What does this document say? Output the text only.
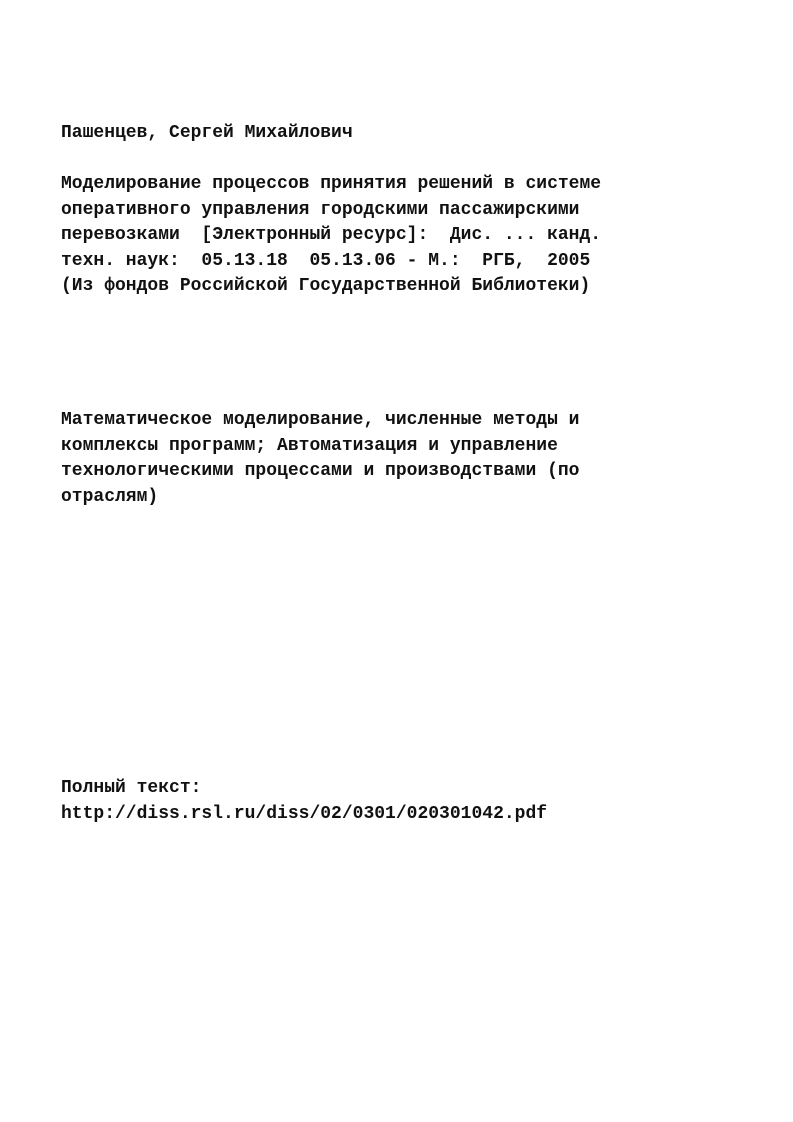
Пашенцев, Сергей Михайлович
Моделирование процессов принятия решений в системе
оперативного управления городскими пассажирскими
перевозками  [Электронный ресурс]:  Дис. ... канд.
техн. наук:  05.13.18  05.13.06 - М.:  РГБ,  2005
(Из фондов Российской Государственной Библиотеки)
Математическое моделирование, численные методы и
комплексы программ; Автоматизация и управление
технологическими процессами и производствами (по
отраслям)
Полный текст:
http://diss.rsl.ru/diss/02/0301/020301042.pdf
